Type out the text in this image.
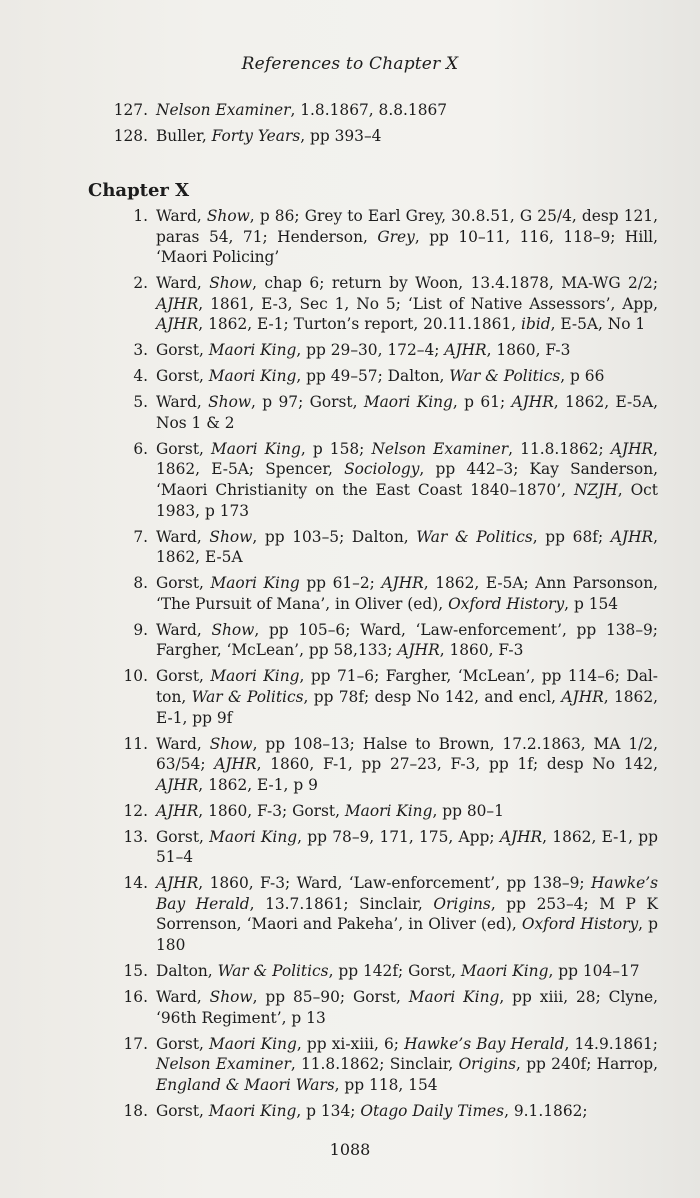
References to Chapter X
127. Nelson Examiner, 1.8.1867, 8.8.1867
128. Buller, Forty Years, pp 393–4
Chapter X
1. Ward, Show, p 86; Grey to Earl Grey, 30.8.51, G 25/4, desp 121, paras 54, 71; Henderson, Grey, pp 10–11, 116, 118–9; Hill, ‘Maori Policing’
2. Ward, Show, chap 6; return by Woon, 13.4.1878, MA-WG 2/2; AJHR, 1861, E-3, Sec 1, No 5; ‘List of Native Assessors’, App, AJHR, 1862, E-1; Turton’s report, 20.11.1861, ibid, E-5A, No 1
3. Gorst, Maori King, pp 29–30, 172–4; AJHR, 1860, F-3
4. Gorst, Maori King, pp 49–57; Dalton, War & Politics, p 66
5. Ward, Show, p 97; Gorst, Maori King, p 61; AJHR, 1862, E-5A, Nos 1 & 2
6. Gorst, Maori King, p 158; Nelson Examiner, 11.8.1862; AJHR, 1862, E-5A; Spencer, Sociology, pp 442–3; Kay Sanderson, ‘Maori Christianity on the East Coast 1840–1870’, NZJH, Oct 1983, p 173
7. Ward, Show, pp 103–5; Dalton, War & Politics, pp 68f; AJHR, 1862, E-5A
8. Gorst, Maori King pp 61–2; AJHR, 1862, E-5A; Ann Parsonson, ‘The Pursuit of Mana’, in Oliver (ed), Oxford History, p 154
9. Ward, Show, pp 105–6; Ward, ‘Law-enforcement’, pp 138–9; Fargher, ‘McLean’, pp 58,133; AJHR, 1860, F-3
10. Gorst, Maori King, pp 71–6; Fargher, ‘McLean’, pp 114–6; Dalton, War & Politics, pp 78f; desp No 142, and encl, AJHR, 1862, E-1, pp 9f
11. Ward, Show, pp 108–13; Halse to Brown, 17.2.1863, MA 1/2, 63/54; AJHR, 1860, F-1, pp 27–23, F-3, pp 1f; desp No 142, AJHR, 1862, E-1, p 9
12. AJHR, 1860, F-3; Gorst, Maori King, pp 80–1
13. Gorst, Maori King, pp 78–9, 171, 175, App; AJHR, 1862, E-1, pp 51–4
14. AJHR, 1860, F-3; Ward, ‘Law-enforcement’, pp 138–9; Hawke’s Bay Herald, 13.7.1861; Sinclair, Origins, pp 253–4; M P K Sorrenson, ‘Maori and Pakeha’, in Oliver (ed), Oxford History, p 180
15. Dalton, War & Politics, pp 142f; Gorst, Maori King, pp 104–17
16. Ward, Show, pp 85–90; Gorst, Maori King, pp xiii, 28; Clyne, ‘96th Regiment’, p 13
17. Gorst, Maori King, pp xi-xiii, 6; Hawke’s Bay Herald, 14.9.1861; Nelson Examiner, 11.8.1862; Sinclair, Origins, pp 240f; Harrop, England & Maori Wars, pp 118, 154
18. Gorst, Maori King, p 134; Otago Daily Times, 9.1.1862;
1088
